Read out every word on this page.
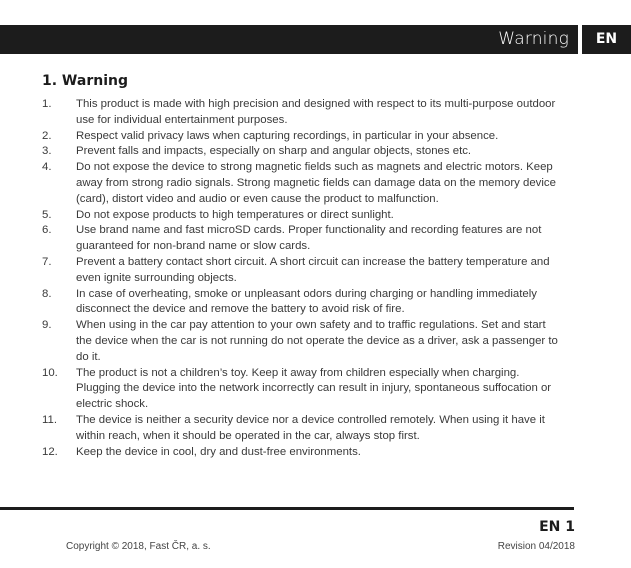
Warning	EN
1. Warning
1.	This product is made with high precision and designed with respect to its multi-purpose outdoor use for individual entertainment purposes.
2.	Respect valid privacy laws when capturing recordings, in particular in your absence.
3.	Prevent falls and impacts, especially on sharp and angular objects, stones etc.
4.	Do not expose the device to strong magnetic fields such as magnets and electric motors. Keep away from strong radio signals. Strong magnetic fields can damage data on the memory device (card), distort video and audio or even cause the product to malfunction.
5.	Do not expose products to high temperatures or direct sunlight.
6.	Use brand name and fast microSD cards. Proper functionality and recording features are not guaranteed for non-brand name or slow cards.
7.	Prevent a battery contact short circuit. A short circuit can increase the battery temperature and even ignite surrounding objects.
8.	In case of overheating, smoke or unpleasant odors during charging or handling immediately disconnect the device and remove the battery to avoid risk of fire.
9.	When using in the car pay attention to your own safety and to traffic regulations. Set and start the device when the car is not running do not operate the device as a driver, ask a passenger to do it.
10.	The product is not a children’s toy. Keep it away from children especially when charging. Plugging the device into the network incorrectly can result in injury, spontaneous suffocation or electric shock.
11.	The device is neither a security device nor a device controlled remotely. When using it have it within reach, when it should be operated in the car, always stop first.
12.	Keep the device in cool, dry and dust-free environments.
EN 1
Copyright © 2018, Fast ČR, a. s.	Revision 04/2018
